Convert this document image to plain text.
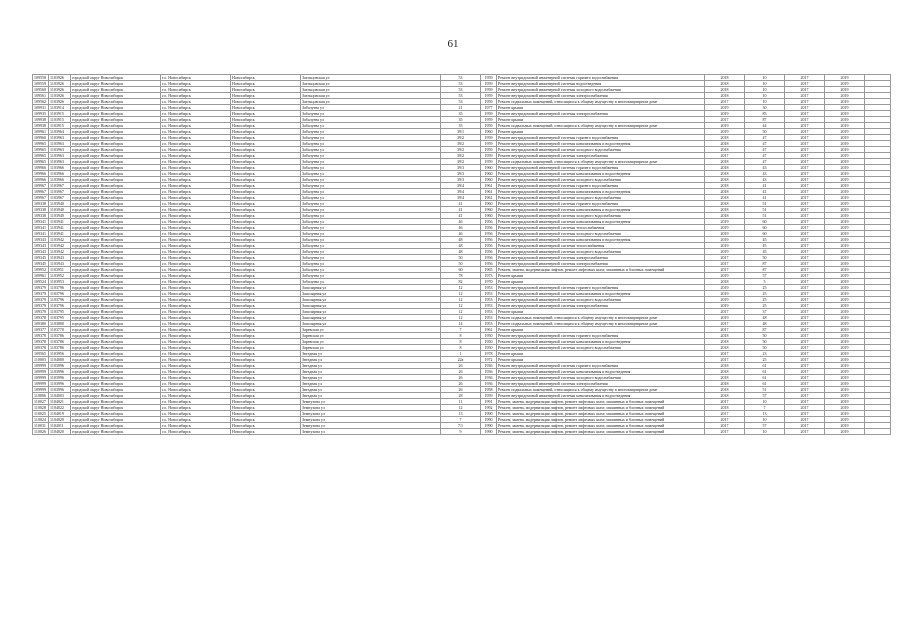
61
109558	1103926	городской округ Новосибирск	г.о. Новосибирск	Новосибирск	Заельцовская ул	53	1959	Ремонт внутридомовой инженерной системы горячего водоснабжения	2018	10	2017	2019	
109559	1103926	городской округ Новосибирск	г.о. Новосибирск	Новосибирск	Заельцовская ул	53	1959	Ремонт внутридомовой инженерной системы водоотведения	2018	10	2017	2019	
109560	1103926	городской округ Новосибирск	г.о. Новосибирск	Новосибирск	Заельцовская ул	53	1959	Ремонт внутридомовой инженерной системы холодного водоснабжения	2018	10	2017	2019	
109561	1103926	городской округ Новосибирск	г.о. Новосибирск	Новосибирск	Заельцовская ул	53	1959	Ремонт внутридомовой инженерной системы электроснабжения	2018	10	2017	2019	
109562	1103926	городской округ Новосибирск	г.о. Новосибирск	Новосибирск	Заельцовская ул	53	1959	Ремонт подвальных помещений, относящихся к общему имуществу в многоквартирном доме	2017	10	2017	2019	
109931	1103914	городской округ Новосибирск	г.о. Новосибирск	Новосибирск	Забалуева ул	21	1977	Ремонт крыши	2019	30	2017	2019	
109935	1103915	городской округ Новосибирск	г.о. Новосибирск	Новосибирск	Забалуева ул	35	1959	Ремонт внутридомовой инженерной системы электроснабжения	2019	85	2017	2019	
109938	1103915	городской округ Новосибирск	г.о. Новосибирск	Новосибирск	Забалуева ул	35	1959	Ремонт крыши	2017	87	2017	2019	
109938	1103915	городской округ Новосибирск	г.о. Новосибирск	Новосибирск	Забалуева ул	35	1959	Ремонт подвальных помещений, относящихся к общему имуществу в многоквартирном доме	2019	44	2017	2019	
109961	1103964	городской округ Новосибирск	г.о. Новосибирск	Новосибирск	Забалуева ул	39/1	1960	Ремонт крыши	2019	50	2017	2019	
109960	1103963	городской округ Новосибирск	г.о. Новосибирск	Новосибирск	Забалуева ул	39/2	1959	Ремонт внутридомовой инженерной системы горячего водоснабжения	2018	47	2017	2019	
109965	1103963	городской округ Новосибирск	г.о. Новосибирск	Новосибирск	Забалуева ул	39/2	1959	Ремонт внутридомовой инженерной системы канализования и водоотведения	2018	47	2017	2019	
109965	1103963	городской округ Новосибирск	г.о. Новосибирск	Новосибирск	Забалуева ул	39/2	1959	Ремонт внутридомовой инженерной системы холодного водоснабжения	2018	47	2017	2019	
109965	1103963	городской округ Новосибирск	г.о. Новосибирск	Новосибирск	Забалуева ул	39/2	1959	Ремонт внутридомовой инженерной системы электроснабжения	2017	47	2017	2019	
109965	1103963	городской округ Новосибирск	г.о. Новосибирск	Новосибирск	Забалуева ул	39/2	1959	Ремонт подвальных помещений, относящихся к общему имуществу в многоквартирном доме	2018	47	2017	2019	
109966	1103966	городской округ Новосибирск	г.о. Новосибирск	Новосибирск	Забалуева ул	39/3	1960	Ремонт внутридомовой инженерной системы горячего водоснабжения	2018	43	2017	2019	
109966	1103966	городской округ Новосибирск	г.о. Новосибирск	Новосибирск	Забалуева ул	39/3	1960	Ремонт внутридомовой инженерной системы канализования и водоотведения	2018	43	2017	2019	
109966	1103966	городской округ Новосибирск	г.о. Новосибирск	Новосибирск	Забалуева ул	39/3	1960	Ремонт внутридомовой инженерной системы холодного водоснабжения	2018	43	2017	2019	
109967	1103967	городской округ Новосибирск	г.о. Новосибирск	Новосибирск	Забалуева ул	39/4	1961	Ремонт внутридомовой инженерной системы горячего водоснабжения	2018	41	2017	2019	
109967	1103967	городской округ Новосибирск	г.о. Новосибирск	Новосибирск	Забалуева ул	39/4	1961	Ремонт внутридомовой инженерной системы канализования и водоотведения	2018	41	2017	2019	
109967	1103967	городской округ Новосибирск	г.о. Новосибирск	Новосибирск	Забалуева ул	39/4	1961	Ремонт внутридомовой инженерной системы холодного водоснабжения	2018	41	2017	2019	
109338	1103940	городской округ Новосибирск	г.о. Новосибирск	Новосибирск	Забалуева ул	41	1960	Ремонт внутридомовой инженерной системы горячего водоснабжения	2018	51	2017	2019	
109338	1103940	городской округ Новосибирск	г.о. Новосибирск	Новосибирск	Забалуева ул	41	1960	Ремонт внутридомовой инженерной системы канализования и водоотведения	2018	51	2017	2019	
109338	1103940	городской округ Новосибирск	г.о. Новосибирск	Новосибирск	Забалуева ул	41	1960	Ремонт внутридомовой инженерной системы холодного водоснабжения	2018	51	2017	2019	
109341	1103941	городской округ Новосибирск	г.о. Новосибирск	Новосибирск	Забалуева ул	46	1956	Ремонт внутридомовой инженерной системы канализования и водоотведения	2019	60	2017	2019	
109341	1103941	городской округ Новосибирск	г.о. Новосибирск	Новосибирск	Забалуева ул	46	1956	Ремонт внутридомовой инженерной системы теплоснабжения	2019	60	2017	2019	
109341	1103941	городской округ Новосибирск	г.о. Новосибирск	Новосибирск	Забалуева ул	46	1956	Ремонт внутридомовой инженерной системы холодного водоснабжения	2019	60	2017	2019	
109343	1103942	городской округ Новосибирск	г.о. Новосибирск	Новосибирск	Забалуева ул	48	1956	Ремонт внутридомовой инженерной системы канализования и водоотведения	2019	45	2017	2019	
109343	1103942	городской округ Новосибирск	г.о. Новосибирск	Новосибирск	Забалуева ул	48	1956	Ремонт внутридомовой инженерной системы теплоснабжения	2019	45	2017	2019	
109343	1103942	городской округ Новосибирск	г.о. Новосибирск	Новосибирск	Забалуева ул	48	1956	Ремонт внутридомовой инженерной системы холодного водоснабжения	2019	45	2017	2019	
109345	1103943	городской округ Новосибирск	г.о. Новосибирск	Новосибирск	Забалуева ул	50	1956	Ремонт внутридомовой инженерной системы электроснабжения	2017	50	2017	2019	
109345	1103943	городской округ Новосибирск	г.о. Новосибирск	Новосибирск	Забалуева ул	50	1956	Ремонт внутридомовой инженерной системы электроснабжения	2017	87	2017	2019	
109952	1103951	городской округ Новосибирск	г.о. Новосибирск	Новосибирск	Забалуева ул	60	1965	Ремонт, замена, модернизация лифтов, ремонт лифтовых шахт, машинных и блочных помещений	2017	87	2017	2019	
109961	1103952	городской округ Новосибирск	г.о. Новосибирск	Новосибирск	Забалуева ул	78	1973	Ремонт крыши	2019	57	2017	2019	
109524	1103953	городской округ Новосибирск	г.о. Новосибирск	Новосибирск	Забалуева ул	82	1970	Ремонт крыши	2018	5	2017	2019	
109379	1103796	городской округ Новосибирск	г.о. Новосибирск	Новосибирск	Заполярная ул	12	1953	Ремонт внутридомовой инженерной системы горячего водоснабжения	2019	25	2017	2019	
109379	1103796	городской округ Новосибирск	г.о. Новосибирск	Новосибирск	Заполярная ул	12	1953	Ремонт внутридомовой инженерной системы канализования и водоотведения	2019	25	2017	2019	
109379	1103796	городской округ Новосибирск	г.о. Новосибирск	Новосибирск	Заполярная ул	12	1953	Ремонт внутридомовой инженерной системы холодного водоснабжения	2019	25	2017	2019	
109379	1103796	городской округ Новосибирск	г.о. Новосибирск	Новосибирск	Заполярная ул	12	1953	Ремонт внутридомовой инженерной системы электроснабжения	2019	25	2017	2019	
109378	1103795	городской округ Новосибирск	г.о. Новосибирск	Новосибирск	Заполярная ул	12	1953	Ремонт крыши	2017	37	2017	2019	
109378	1103795	городской округ Новосибирск	г.о. Новосибирск	Новосибирск	Заполярная ул	12	1953	Ремонт подвальных помещений, относящихся к общему имуществу в многоквартирном доме	2019	48	2017	2019	
109380	1103800	городской округ Новосибирск	г.о. Новосибирск	Новосибирск	Заполярная ул	14	1953	Ремонт подвальных помещений, относящихся к общему имуществу в многоквартирном доме	2017	48	2017	2019	
109377	1103770	городской округ Новосибирск	г.о. Новосибирск	Новосибирск	Заревская ул	7	1961	Ремонт крыши	2017	87	2017	2019	
109378	1103786	городской округ Новосибирск	г.о. Новосибирск	Новосибирск	Заревская ул	8	1950	Ремонт внутридомовой инженерной системы горячего водоснабжения	2018	50	2017	2019	
109378	1103786	городской округ Новосибирск	г.о. Новосибирск	Новосибирск	Заревская ул	8	1950	Ремонт внутридомовой инженерной системы канализования и водоотведения	2018	50	2017	2019	
109378	1103786	городской округ Новосибирск	г.о. Новосибирск	Новосибирск	Заревская ул	8	1950	Ремонт внутридомовой инженерной системы холодного водоснабжения	2018	50	2017	2019	
109565	1103956	городской округ Новосибирск	г.о. Новосибирск	Новосибирск	Звездная ул	1	1978	Ремонт крыши	2017	23	2017	2019	
110003	1104000	городской округ Новосибирск	г.о. Новосибирск	Новосибирск	Звездная ул	22а	1972	Ремонт крыши	2017	25	2017	2019	
109999	1103996	городской округ Новосибирск	г.о. Новосибирск	Новосибирск	Звездная ул	26	1936	Ремонт внутридомовой инженерной системы горячего водоснабжения	2018	61	2017	2019	
109999	1103996	городской округ Новосибирск	г.о. Новосибирск	Новосибирск	Звездная ул	26	1936	Ремонт внутридомовой инженерной системы канализования и водоотведения	2018	61	2017	2019	
109999	1103996	городской округ Новосибирск	г.о. Новосибирск	Новосибирск	Звездная ул	26	1936	Ремонт внутридомовой инженерной системы холодного водоснабжения	2018	61	2017	2019	
109999	1103996	городской округ Новосибирск	г.о. Новосибирск	Новосибирск	Звездная ул	26	1936	Ремонт внутридомовой инженерной системы электроснабжения	2018	61	2017	2019	
109999	1103996	городской округ Новосибирск	г.о. Новосибирск	Новосибирск	Звездная ул	26	1958	Ремонт подвальных помещений, относящихся к общему имуществу в многоквартирном доме	2018	51	2017	2019	
110006	1104003	городской округ Новосибирск	г.о. Новосибирск	Новосибирск	Звездная ул	28	1959	Ремонт внутридомовой инженерной системы канализования и водоотведения	2018	57	2017	2019	
110027	1104021	городской округ Новосибирск	г.о. Новосибирск	Новосибирск	Земнухова ул	11	1991	Ремонт, замена, модернизация лифтов, ремонт лифтовых шахт, машинных и блочных помещений	2017	10	2017	2019	
110028	1104022	городской округ Новосибирск	г.о. Новосибирск	Новосибирск	Земнухова ул	12	1992	Ремонт, замена, модернизация лифтов, ремонт лифтовых шахт, машинных и блочных помещений	2018	7	2017	2019	
110025	1104019	городской округ Новосибирск	г.о. Новосибирск	Новосибирск	Земнухова ул	13	1990	Ремонт, замена, модернизация лифтов, ремонт лифтовых шахт, машинных и блочных помещений	2017	13	2017	2019	
110024	1104020	городской округ Новосибирск	г.о. Новосибирск	Новосибирск	Земнухова ул	7	1990	Ремонт, замена, модернизация лифтов, ремонт лифтовых шахт, машинных и блочных помещений	2017	10	2017	2019	
110031	1104011	городской округ Новосибирск	г.о. Новосибирск	Новосибирск	Земнухова ул	7/1	1990	Ремонт, замена, модернизация лифтов, ремонт лифтовых шахт, машинных и блочных помещений	2017	57	2017	2019	
110026	1104020	городской округ Новосибирск	г.о. Новосибирск	Новосибирск	Земнухова ул	9	1990	Ремонт, замена, модернизация лифтов, ремонт лифтовых шахт, машинных и блочных помещений	2017	10	2017	2019	
